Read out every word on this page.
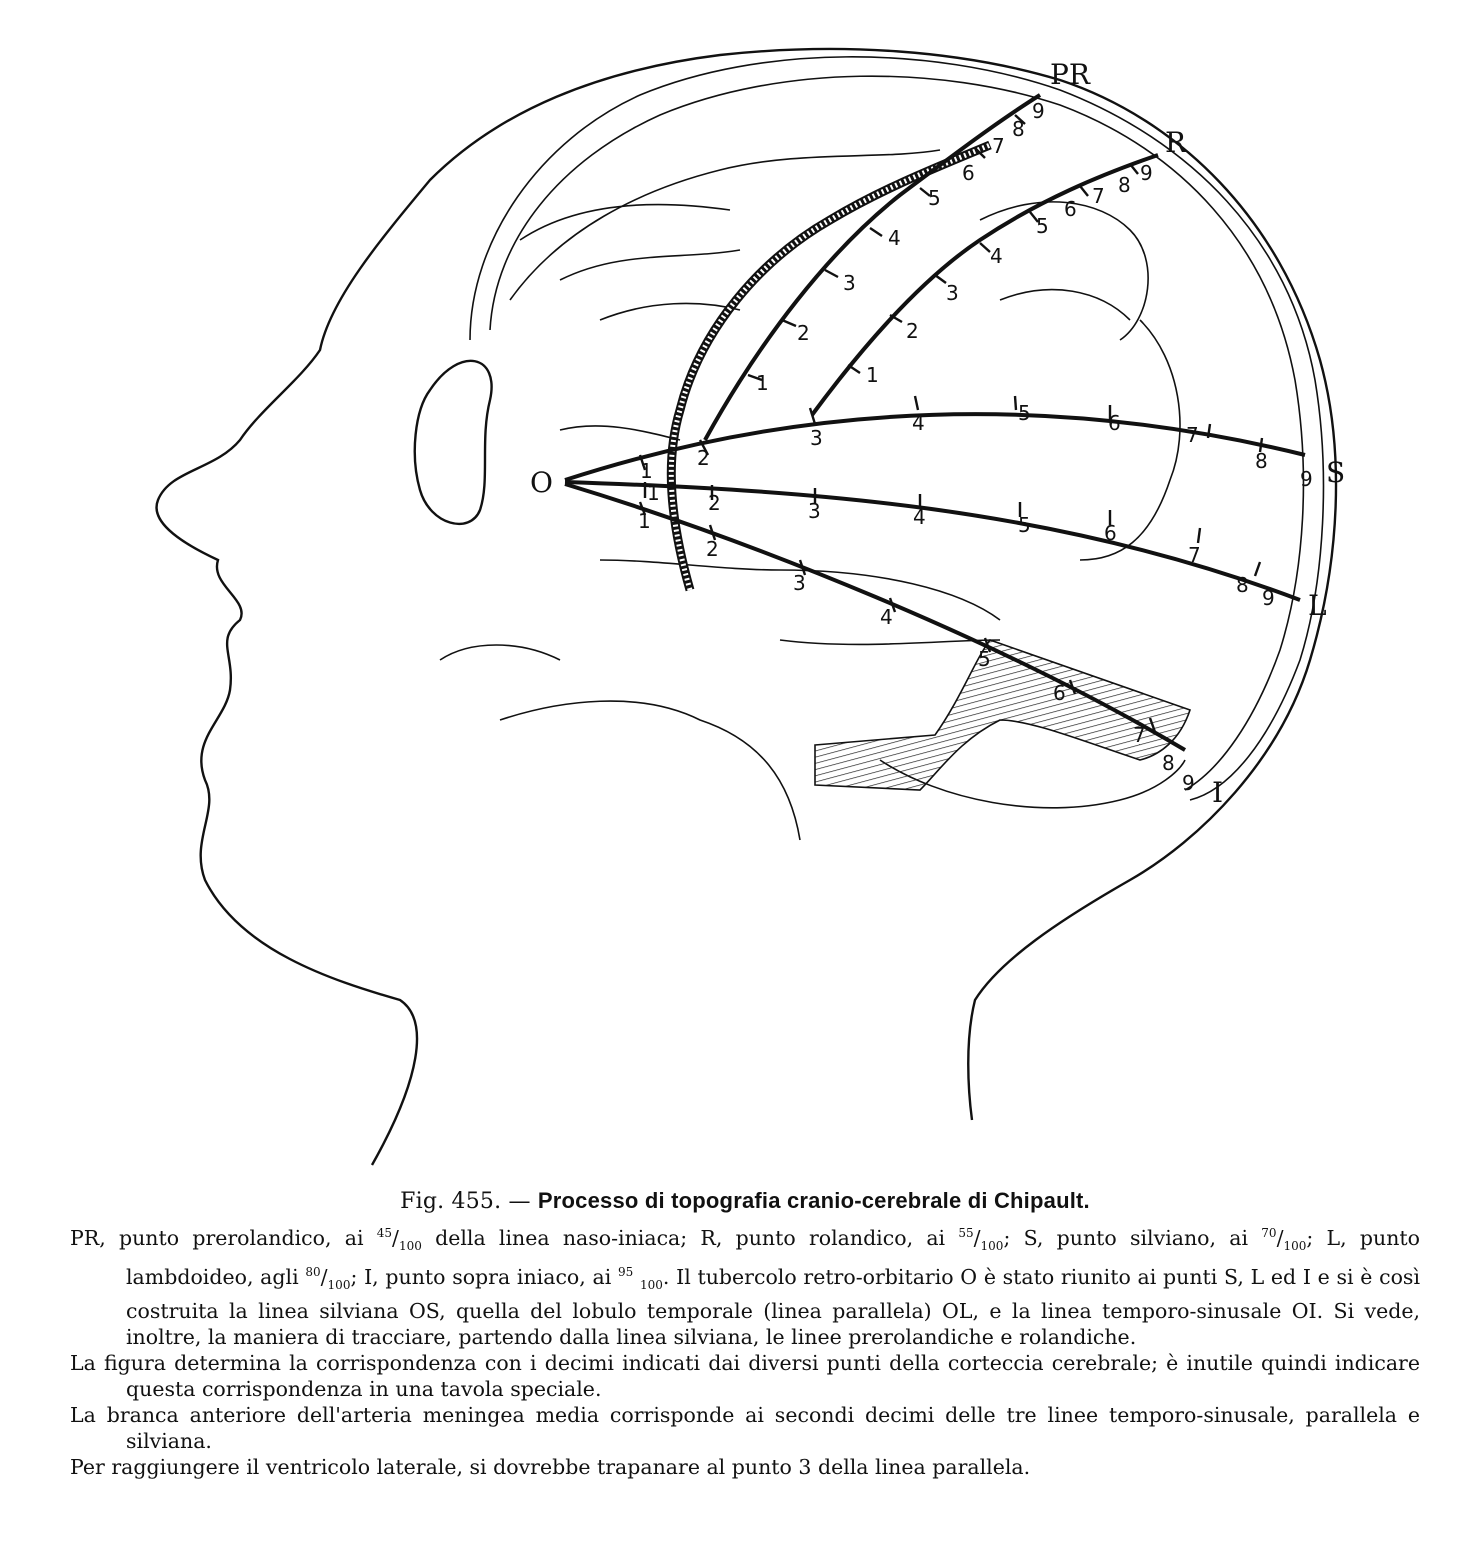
1
2
3
4	5	6	7
8
9
1 2	3	4	5	6
7
8
9
1
2
3
4
5
6
7
8
9
1
2
3
4
5
6
7
8
9
1
2
3
4
5
6
7 8 9
PR
R
S
L
I
O

Fig. 455. — Processo di topografia cranio-cerebrale di Chipault.

PR, punto prerolandico, ai $^{45}/_{100}$ della linea naso-iniaca; R, punto rolandico, ai $^{55}/_{100}$; S, punto silviano, ai $^{70}/_{100}$; L, punto lambdoideo, agli $^{80}/_{100}$; I, punto sopra iniaco, ai $^{95}$ $_{100}$. Il tubercolo retro-orbitario O è stato riunito ai punti S, L ed I e si è così costruita la linea silviana OS, quella del lobulo temporale (linea parallela) OL, e la linea temporo-sinusale OI. Si vede, inoltre, la maniera di tracciare, partendo dalla linea silviana, le linee prerolandiche e rolandiche.

La figura determina la corrispondenza con i decimi indicati dai diversi punti della corteccia cerebrale; è inutile quindi indicare questa corrispondenza in una tavola speciale.

La branca anteriore dell'arteria meningea media corrisponde ai secondi decimi delle tre linee temporo-sinusale, parallela e silviana.

Per raggiungere il ventricolo laterale, si dovrebbe trapanare al punto 3 della linea parallela.
